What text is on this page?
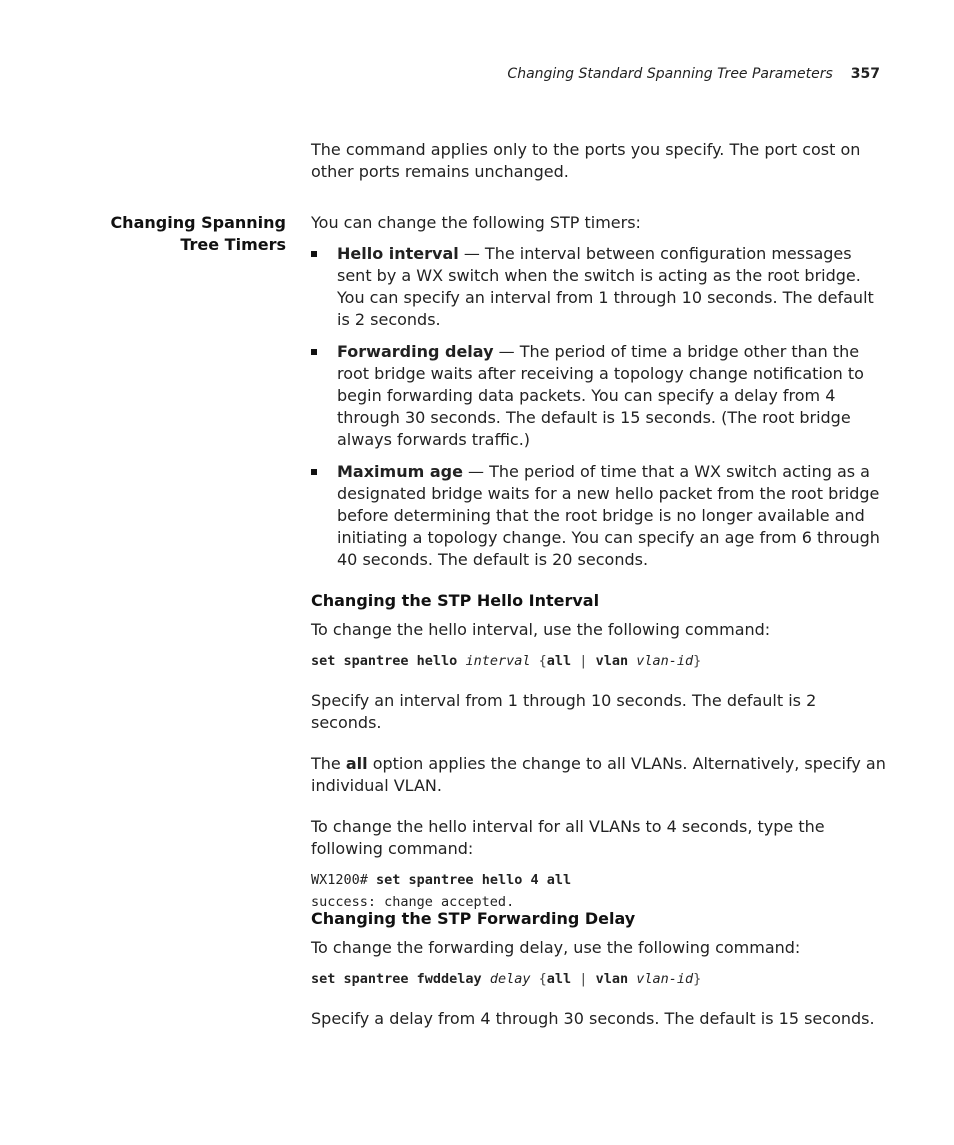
Changing Standard Spanning Tree Parameters 357

The command applies only to the ports you specify. The port cost on other ports remains unchanged.

Changing Spanning
Tree Timers

You can change the following STP timers:

Hello interval — The interval between configuration messages sent by a WX switch when the switch is acting as the root bridge. You can specify an interval from 1 through 10 seconds. The default is 2 seconds.
Forwarding delay — The period of time a bridge other than the root bridge waits after receiving a topology change notification to begin forwarding data packets. You can specify a delay from 4 through 30 seconds. The default is 15 seconds. (The root bridge always forwards traffic.)
Maximum age — The period of time that a WX switch acting as a designated bridge waits for a new hello packet from the root bridge before determining that the root bridge is no longer available and initiating a topology change. You can specify an age from 6 through 40 seconds. The default is 20 seconds.
Changing the STP Hello Interval

To change the hello interval, use the following command:

set spantree hello interval {all | vlan vlan-id}

Specify an interval from 1 through 10 seconds. The default is 2 seconds.

The all option applies the change to all VLANs. Alternatively, specify an individual VLAN.

To change the hello interval for all VLANs to 4 seconds, type the following command:

WX1200# set spantree hello 4 all
success: change accepted.
Changing the STP Forwarding Delay

To change the forwarding delay, use the following command:

set spantree fwddelay delay {all | vlan vlan-id}

Specify a delay from 4 through 30 seconds. The default is 15 seconds.
